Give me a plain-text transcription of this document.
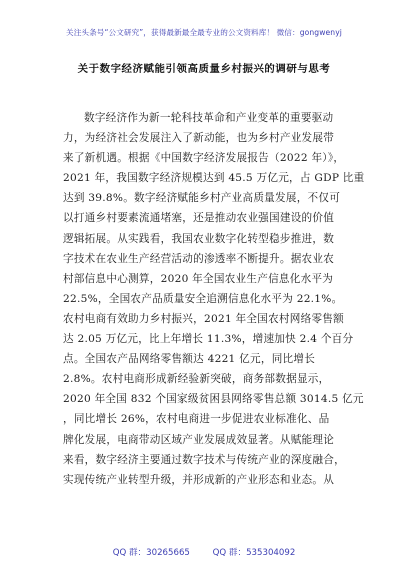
关注头条号“公文研究”，获得最新最全最专业的公文资料库！ 微信：gongwenyj
关于数字经济赋能引领高质量乡村振兴的调研与思考
数字经济作为新一轮科技革命和产业变革的重要驱动
力，为经济社会发展注入了新动能，也为乡村产业发展带
来了新机遇。根据《中国数字经济发展报告（2022 年）》，
2021 年，我国数字经济规模达到 45.5 万亿元，占 GDP 比重
达到 39.8%。数字经济赋能乡村产业高质量发展，不仅可
以打通乡村要素流通堵塞，还是推动农业强国建设的价值
逻辑拓展。从实践看，我国农业数字化转型稳步推进，数
字技术在农业生产经营活动的渗透率不断提升。据农业农
村部信息中心测算，2020 年全国农业生产信息化水平为
22.5%，全国农产品质量安全追溯信息化水平为 22.1%。
农村电商有效助力乡村振兴，2021 年全国农村网络零售额
达 2.05 万亿元，比上年增长 11.3%，增速加快 2.4 个百分
点。全国农产品网络零售额达 4221 亿元，同比增长
2.8%。农村电商形成新经验新突破，商务部数据显示，
2020 年全国 832 个国家级贫困县网络零售总额 3014.5 亿元
，同比增长 26%，农村电商进一步促进农业标准化、品
牌化发展，电商带动区域产业发展成效显著。从赋能理论
来看，数字经济主要通过数字技术与传统产业的深度融合，
实现传统产业转型升级，并形成新的产业形态和业态。从
QQ 群：30265665	QQ 群：535304092
